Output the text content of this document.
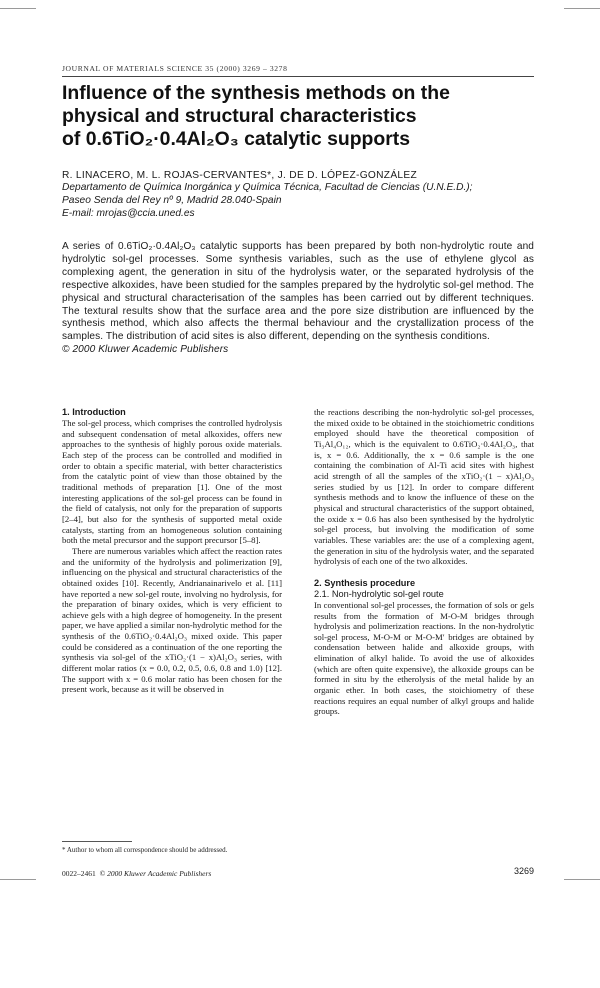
JOURNAL OF MATERIALS SCIENCE 35 (2000) 3269 – 3278
Influence of the synthesis methods on the
physical and structural characteristics
of 0.6TiO₂·0.4Al₂O₃ catalytic supports
R. LINACERO, M. L. ROJAS-CERVANTES*, J. DE D. LÓPEZ-GONZÁLEZ
Departamento de Química Inorgánica y Química Técnica, Facultad de Ciencias (U.N.E.D.);
Paseo Senda del Rey nº 9, Madrid 28.040-Spain
E-mail: mrojas@ccia.uned.es
A series of 0.6TiO₂·0.4Al₂O₃ catalytic supports has been prepared by both non-hydrolytic route and hydrolytic sol-gel processes. Some synthesis variables, such as the use of ethylene glycol as complexing agent, the generation in situ of the hydrolysis water, or the separated hydrolysis of the respective alkoxides, have been studied for the samples prepared by the hydrolytic sol-gel method. The physical and structural characterisation of the samples has been carried out by different techniques. The textural results show that the surface area and the pore size distribution are influenced by the synthesis method, which also affects the thermal behaviour and the crystallization process of the samples. The distribution of acid sites is also different, depending on the synthesis conditions.
© 2000 Kluwer Academic Publishers
1. Introduction

The sol-gel process, which comprises the controlled hydrolysis and subsequent condensation of metal alkoxides, offers new approaches to the synthesis of highly porous oxide materials. Each step of the process can be controlled and modified in order to obtain a specific material, with better characteristics from the catalytic point of view than those obtained by the traditional methods of preparation [1]. One of the most interesting applications of the sol-gel process can be found in the field of catalysis, not only for the preparation of supports [2–4], but also for the synthesis of supported metal oxide catalysts, starting from an homogeneous solution containing both the metal precursor and the support precursor [5–8].

There are numerous variables which affect the reaction rates and the uniformity of the hydrolysis and polimerization [9], influencing on the physical and structural characteristics of the obtained oxides [10]. Recently, Andrianainarivelo et al. [11] have reported a new sol-gel route, involving no hydrolysis, for the preparation of binary oxides, which is very efficient to achieve gels with a high degree of homogeneity. In the present paper, we have applied a similar non-hydrolytic method for the synthesis of the 0.6TiO₂·0.4Al₂O₃ mixed oxide. This paper could be considered as a continuation of the one reporting the synthesis via sol-gel of the xTiO₂·(1 − x)Al₂O₃ series, with different molar ratios (x = 0.0, 0.2, 0.5, 0.6, 0.8 and 1.0) [12]. The support with x = 0.6 molar ratio has been chosen for the present work, because as it will be observed in

the reactions describing the non-hydrolytic sol-gel processes, the mixed oxide to be obtained in the stoichiometric conditions employed should have the theoretical composition of Ti₃Al₄O₁₂, which is the equivalent to 0.6TiO₂·0.4Al₂O₃, that is, x = 0.6. Additionally, the x = 0.6 sample is the one containing the combination of Al-Ti acid sites with highest acid strength of all the samples of the xTiO₂·(1 − x)Al₂O₃ series studied by us [12]. In order to compare different synthesis methods and to know the influence of these on the physical and structural characteristics of the support obtained, the oxide x = 0.6 has also been synthesised by the hydrolytic sol-gel process, but involving the modification of some variables. These variables are: the use of a complexing agent, the generation in situ of the hydrolysis water, and the separated hydrolysis of each one of the two alkoxides.

2. Synthesis procedure
2.1. Non-hydrolytic sol-gel route

In conventional sol-gel processes, the formation of sols or gels results from the formation of M-O-M bridges through hydrolysis and polimerization reactions. In the non-hydrolytic sol-gel process, M-O-M or M-O-M′ bridges are obtained by condensation between halide and alkoxide groups, with elimination of alkyl halide. To avoid the use of alkoxides (which are often quite expensive), the alkoxide groups can be formed in situ by the etherolysis of the metal halide by an organic ether. In both cases, the stoichiometry of these reactions requires an equal number of alkyl groups and halide groups.

* Author to whom all correspondence should be addressed.
0022–2461 © 2000 Kluwer Academic Publishers	3269
